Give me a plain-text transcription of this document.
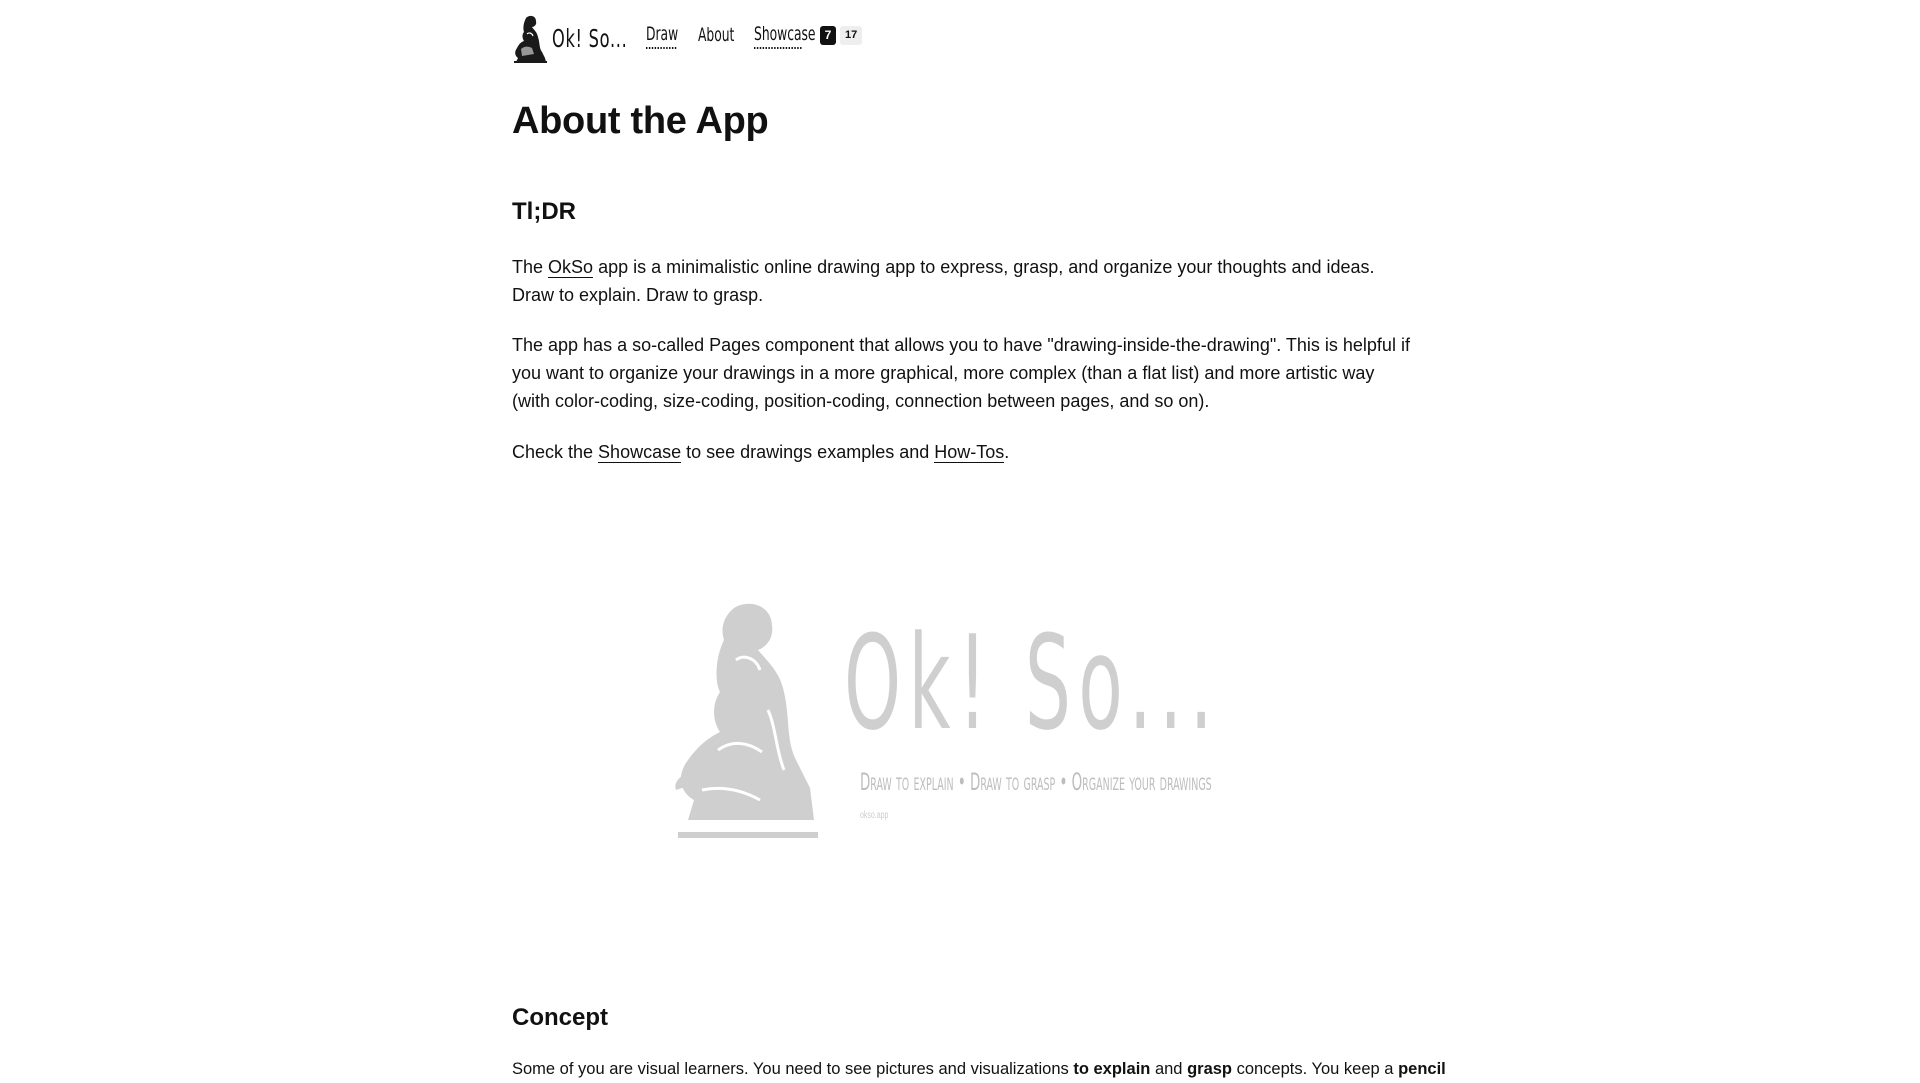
Ok! So... Draw	About	Showcase 7	17
About the App
Tl;DR

The OkSo app is a minimalistic online drawing app to express, grasp, and organize your thoughts and ideas. Draw to explain. Draw to grasp.

The app has a so-called Pages component that allows you to have "drawing-inside-the-drawing". This is helpful if you want to organize your drawings in a more graphical, more complex (than a flat list) and more artistic way (with color-coding, size-coding, position-coding, connection between pages, and so on).

Check the Showcase to see drawings examples and How-Tos.

Ok! So...
Draw to explain • Draw to grasp • Organize your drawings
okso.app
Concept

Some of you are visual learners. You need to see pictures and visualizations to explain and grasp concepts. You keep a pencil
